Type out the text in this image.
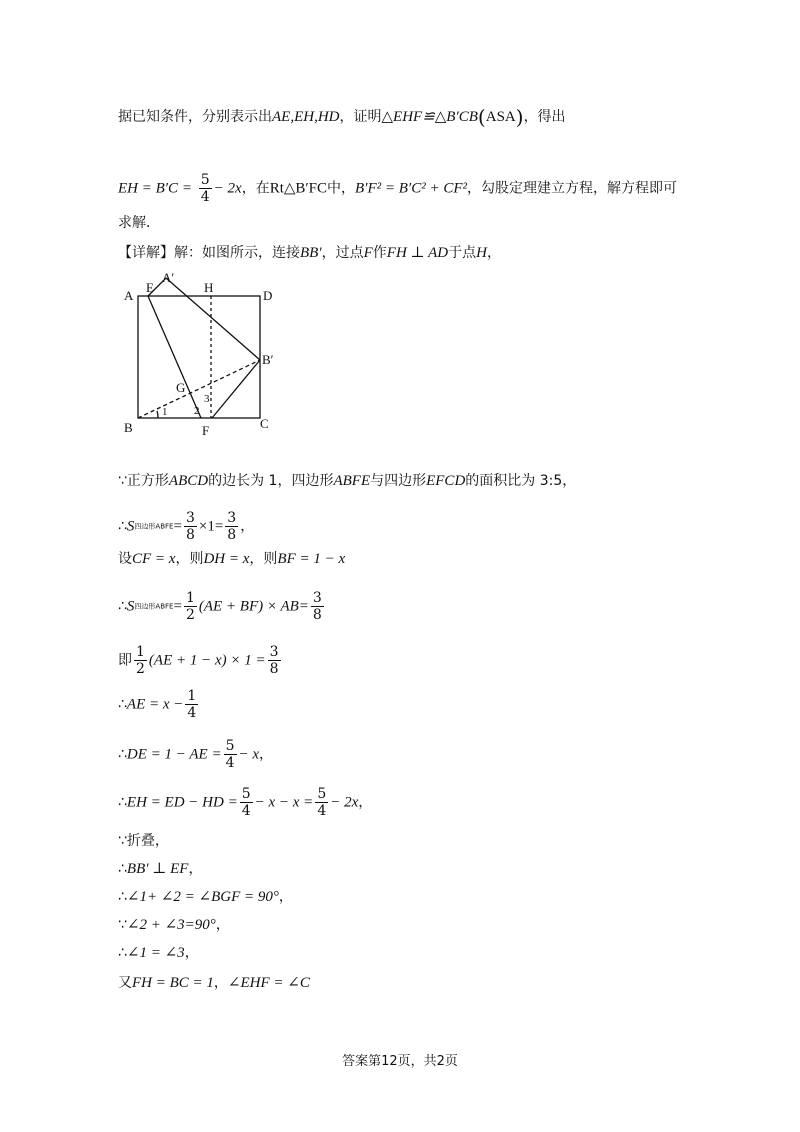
据已知条件，分别表示出AE,EH,HD，证明△EHF≌△B′CB(ASA)，得出
EH = $B'C = \frac{5}{4} - 2x$，在Rt△B′FC中，B′F² = B′C² + CF²，勾股定理建立方程，解方程即可
求解．
【详解】解：如图所示，连接BB′，过点F作FH ⊥ AD于点H，
A
E
A′
H
D
B′
G
B	F	C
1 2
3
∵正方形ABCD的边长为 1，四边形ABFE与四边形EFCD的面积比为 3:5，
∴S四边形ABFE= $\frac{3}{8} \times 1= \frac{3}{8}$ ，
设CF = x，则DH = x，则BF = 1 − x
∴S四边形ABFE= $\frac{1}{2} (AE + BF) \times AB= \frac{3}{8}$
即 $\frac{1}{2} (AE + 1 - x) \times 1 = \frac{3}{8}$
∴AE = $x - \frac{1}{4}$
∴DE = 1 − AE = $\frac{5}{4} - x$，
∴EH = ED − HD = $\frac{5}{4} - x - x = \frac{5}{4} - 2x$，
∵折叠，
∴BB′ ⊥ EF，
∴∠1+ ∠2 = ∠BGF = 90°，
∵∠2 + ∠3=90°，
∴∠1 = ∠3，
又FH = BC = 1，∠EHF = ∠C
答案第12页，共2页
